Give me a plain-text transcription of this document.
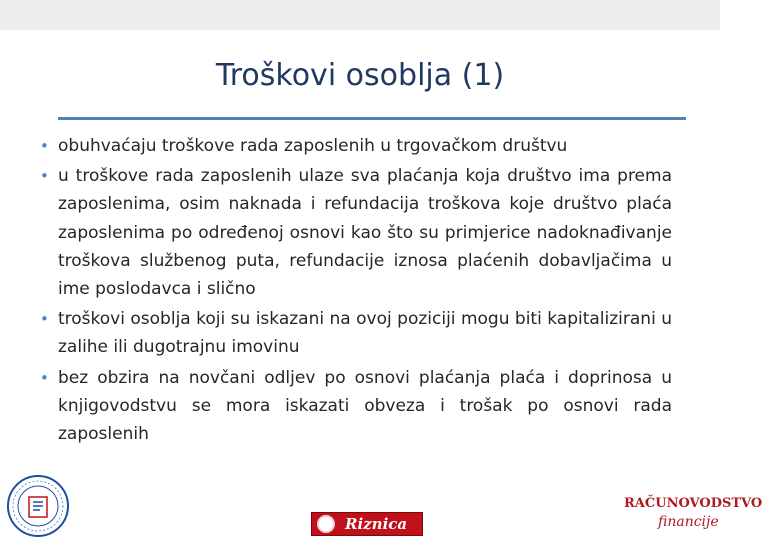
Troškovi osoblja (1)
• obuhvaćaju troškove rada zaposlenih u trgovačkom društvu
• u troškove rada zaposlenih ulaze sva plaćanja koja društvo ima prema zaposlenima, osim naknada i refundacija troškova koje društvo plaća zaposlenima po određenoj osnovi kao što su primjerice nadoknađivanje troškova službenog puta, refundacije iznosa plaćenih dobavljačima u ime poslodavca i slično
• troškovi osoblja koji su iskazani na ovoj poziciji mogu biti kapitalizirani u zalihe ili dugotrajnu imovinu
• bez obzira na novčani odljev po osnovi plaćanja plaća i doprinosa u knjigovodstvu se mora iskazati obveza i trošak po osnovi rada zaposlenih
Riznica
RAČUNOVODSTVO
financije
